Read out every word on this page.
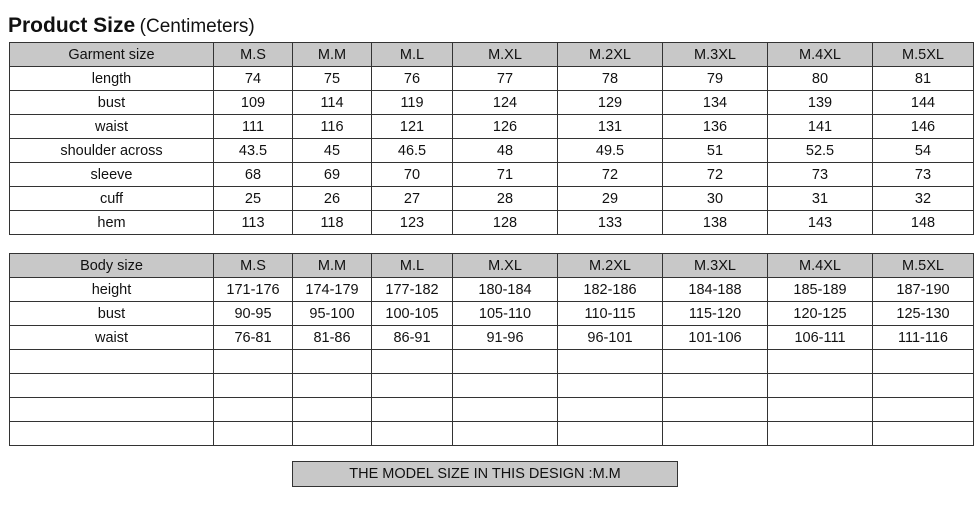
Product Size (Centimeters)
Garment size	M.S	M.M	M.L	M.XL	M.2XL	M.3XL	M.4XL	M.5XL
length	74	75	76	77	78	79	80	81
bust	109	114	119	124	129	134	139	144
waist	111	116	121	126	131	136	141	146
shoulder across	43.5	45	46.5	48	49.5	51	52.5	54
sleeve	68	69	70	71	72	72	73	73
cuff	25	26	27	28	29	30	31	32
hem	113	118	123	128	133	138	143	148
Body size	M.S	M.M	M.L	M.XL	M.2XL	M.3XL	M.4XL	M.5XL
height	171-176	174-179	177-182	180-184	182-186	184-188	185-189	187-190
bust	90-95	95-100	100-105	105-110	110-115	115-120	120-125	125-130
waist	76-81	81-86	86-91	91-96	96-101	101-106	106-111	111-116

THE MODEL SIZE IN THIS DESIGN :M.M
